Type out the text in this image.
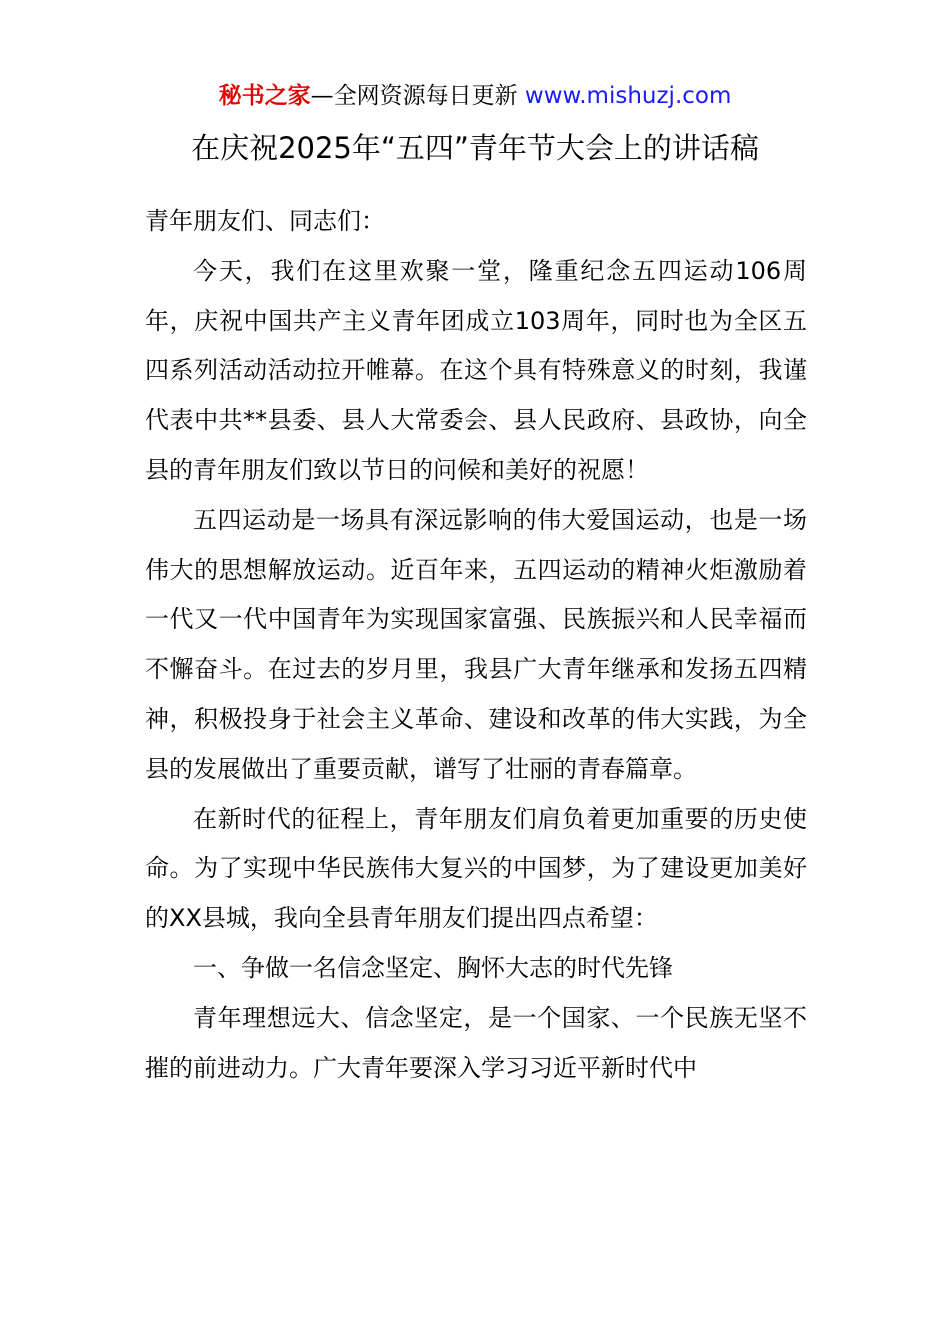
秘书之家—全网资源每日更新 www.mishuzj.com
在庆祝2025年“五四”青年节大会上的讲话稿

青年朋友们、同志们：

今天，我们在这里欢聚一堂，隆重纪念五四运动106周年，庆祝中国共产主义青年团成立103周年，同时也为全区五四系列活动活动拉开帷幕。在这个具有特殊意义的时刻，我谨代表中共**县委、县人大常委会、县人民政府、县政协，向全县的青年朋友们致以节日的问候和美好的祝愿！

五四运动是一场具有深远影响的伟大爱国运动，也是一场伟大的思想解放运动。近百年来，五四运动的精神火炬激励着一代又一代中国青年为实现国家富强、民族振兴和人民幸福而不懈奋斗。在过去的岁月里，我县广大青年继承和发扬五四精神，积极投身于社会主义革命、建设和改革的伟大实践，为全县的发展做出了重要贡献，谱写了壮丽的青春篇章。

在新时代的征程上，青年朋友们肩负着更加重要的历史使命。为了实现中华民族伟大复兴的中国梦，为了建设更加美好的XX县城，我向全县青年朋友们提出四点希望：

一、争做一名信念坚定、胸怀大志的时代先锋

青年理想远大、信念坚定，是一个国家、一个民族无坚不摧的前进动力。广大青年要深入学习习近平新时代中
